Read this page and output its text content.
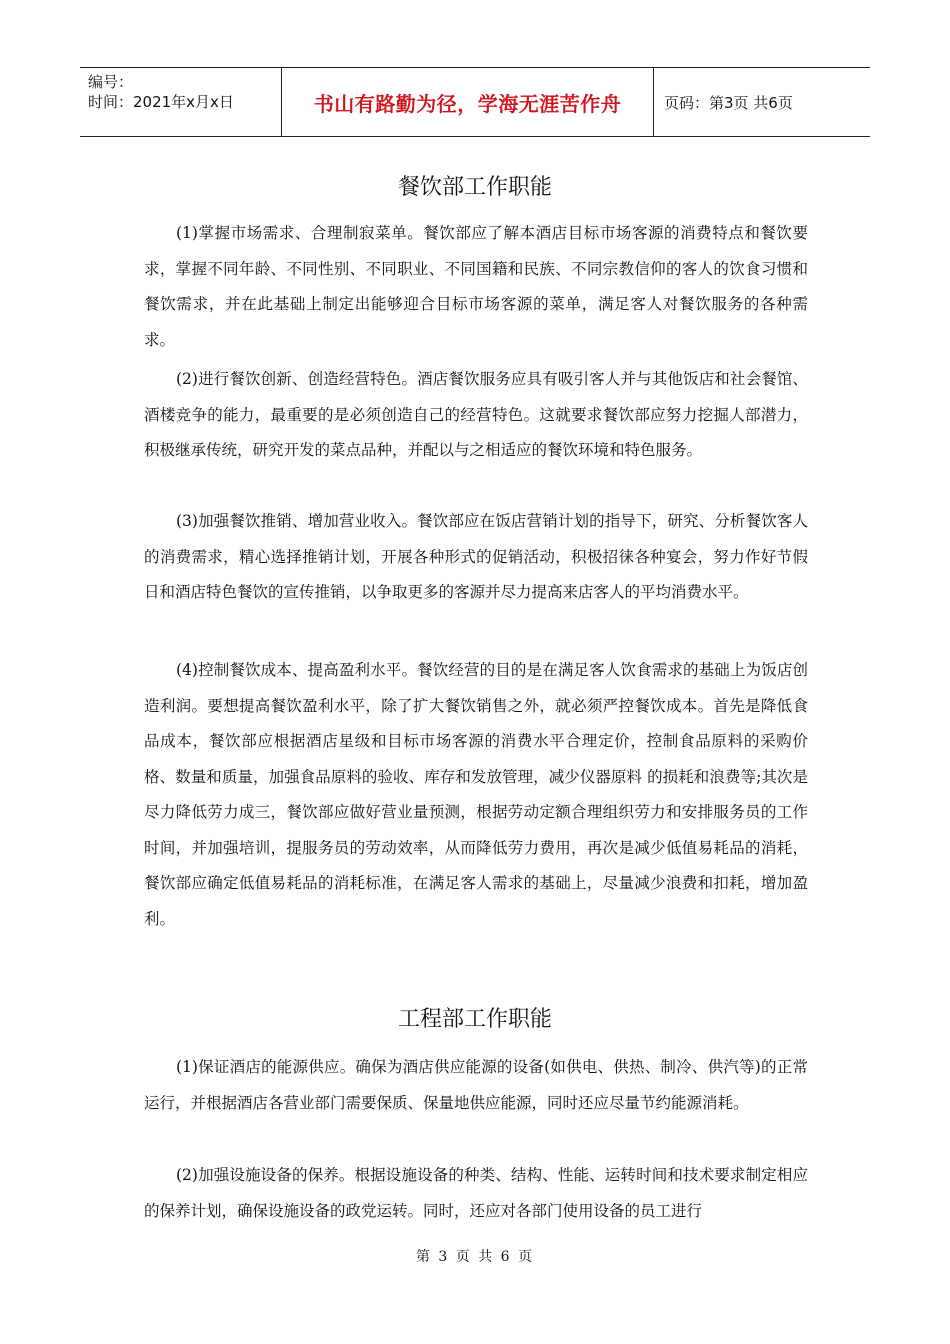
编号：
时间：2021年x月x日	书山有路勤为径，学海无涯苦作舟	页码：第3页 共6页
餐饮部工作职能

(1)掌握市场需求、合理制寂菜单。餐饮部应了解本酒店目标市场客源的消费特点和餐饮要求，掌握不同年龄、不同性别、不同职业、不同国籍和民族、不同宗教信仰的客人的饮食习惯和餐饮需求，并在此基础上制定出能够迎合目标市场客源的菜单，满足客人对餐饮服务的各种需求。

(2)进行餐饮创新、创造经营特色。酒店餐饮服务应具有吸引客人并与其他饭店和社会餐馆、酒楼竞争的能力，最重要的是必须创造自己的经营特色。这就要求餐饮部应努力挖掘人部潜力，积极继承传统，研究开发的菜点品种，并配以与之相适应的餐饮环境和特色服务。

(3)加强餐饮推销、增加营业收入。餐饮部应在饭店营销计划的指导下，研究、分析餐饮客人的消费需求，精心选择推销计划，开展各种形式的促销活动，积极招徕各种宴会，努力作好节假日和酒店特色餐饮的宣传推销，以争取更多的客源并尽力提高来店客人的平均消费水平。

(4)控制餐饮成本、提高盈利水平。餐饮经营的目的是在满足客人饮食需求的基础上为饭店创造利润。要想提高餐饮盈利水平，除了扩大餐饮销售之外，就必须严控餐饮成本。首先是降低食品成本，餐饮部应根据酒店星级和目标市场客源的消费水平合理定价，控制食品原料的采购价格、数量和质量，加强食品原料的验收、库存和发放管理，减少仪器原料 的损耗和浪费等;其次是尽力降低劳力成三，餐饮部应做好营业量预测，根据劳动定额合理组织劳力和安排服务员的工作时间，并加强培训，提服务员的劳动效率，从而降低劳力费用，再次是减少低值易耗品的消耗，餐饮部应确定低值易耗品的消耗标准，在满足客人需求的基础上，尽量减少浪费和扣耗，增加盈利。

工程部工作职能

(1)保证酒店的能源供应。确保为酒店供应能源的设备(如供电、供热、制冷、供汽等)的正常运行，并根据酒店各营业部门需要保质、保量地供应能源，同时还应尽量节约能源消耗。

(2)加强设施设备的保养。根据设施设备的种类、结构、性能、运转时间和技术要求制定相应的保养计划，确保设施设备的政党运转。同时，还应对各部门使用设备的员工进行

第 3 页 共 6 页
